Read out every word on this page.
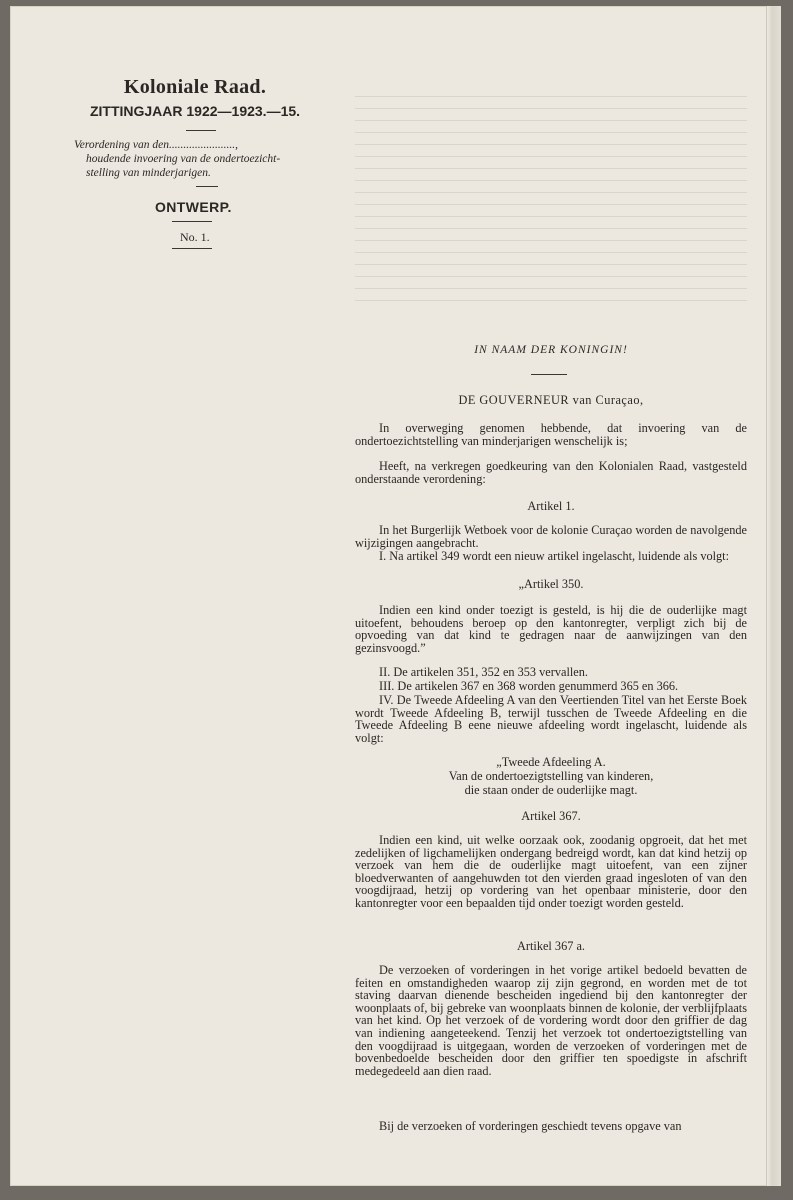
Koloniale Raad.
ZITTINGJAAR 1922—1923.—15.
Verordening van den.......................,
houdende invoering van de ondertoezicht-
stelling van minderjarigen.
ONTWERP.
No. 1.
IN NAAM DER KONINGIN!
DE GOUVERNEUR van Curaçao,
In overweging genomen hebbende, dat invoering van de ondertoezichtstelling van minderjarigen wenschelijk is;
Heeft, na verkregen goedkeuring van den Kolonialen Raad, vastgesteld onderstaande verordening:
Artikel 1.
In het Burgerlijk Wetboek voor de kolonie Curaçao worden de navolgende wijzigingen aangebracht.
I. Na artikel 349 wordt een nieuw artikel ingelascht, luidende als volgt:
„Artikel 350.
Indien een kind onder toezigt is gesteld, is hij die de ouderlijke magt uitoefent, behoudens beroep op den kantonregter, verpligt zich bij de opvoeding van dat kind te gedragen naar de aanwijzingen van den gezinsvoogd.”
II. De artikelen 351, 352 en 353 vervallen.
III. De artikelen 367 en 368 worden genummerd 365 en 366.
IV. De Tweede Afdeeling A van den Veertienden Titel van het Eerste Boek wordt Tweede Afdeeling B, terwijl tusschen de Tweede Afdeeling en die Tweede Afdeeling B eene nieuwe afdeeling wordt ingelascht, luidende als volgt:
„Tweede Afdeeling A.
Van de ondertoezigtstelling van kinderen,
die staan onder de ouderlijke magt.
Artikel 367.
Indien een kind, uit welke oorzaak ook, zoodanig opgroeit, dat het met zedelijken of ligchamelijken ondergang bedreigd wordt, kan dat kind hetzij op verzoek van hem die de ouderlijke magt uitoefent, van een zijner bloedverwanten of aangehuwden tot den vierden graad ingesloten of van den voogdijraad, hetzij op vordering van het openbaar ministerie, door den kantonregter voor een bepaalden tijd onder toezigt worden gesteld.
Artikel 367 a.
De verzoeken of vorderingen in het vorige artikel bedoeld bevatten de feiten en omstandigheden waarop zij zijn gegrond, en worden met de tot staving daarvan dienende bescheiden ingediend bij den kantonregter der woonplaats of, bij gebreke van woonplaats binnen de kolonie, der verblijfplaats van het kind. Op het verzoek of de vordering wordt door den griffier de dag van indiening aangeteekend. Tenzij het verzoek tot ondertoezigtstelling van den voogdijraad is uitgegaan, worden de verzoeken of vorderingen met de bovenbedoelde bescheiden door den griffier ten spoedigste in afschrift medegedeeld aan dien raad.
Bij de verzoeken of vorderingen geschiedt tevens opgave van
